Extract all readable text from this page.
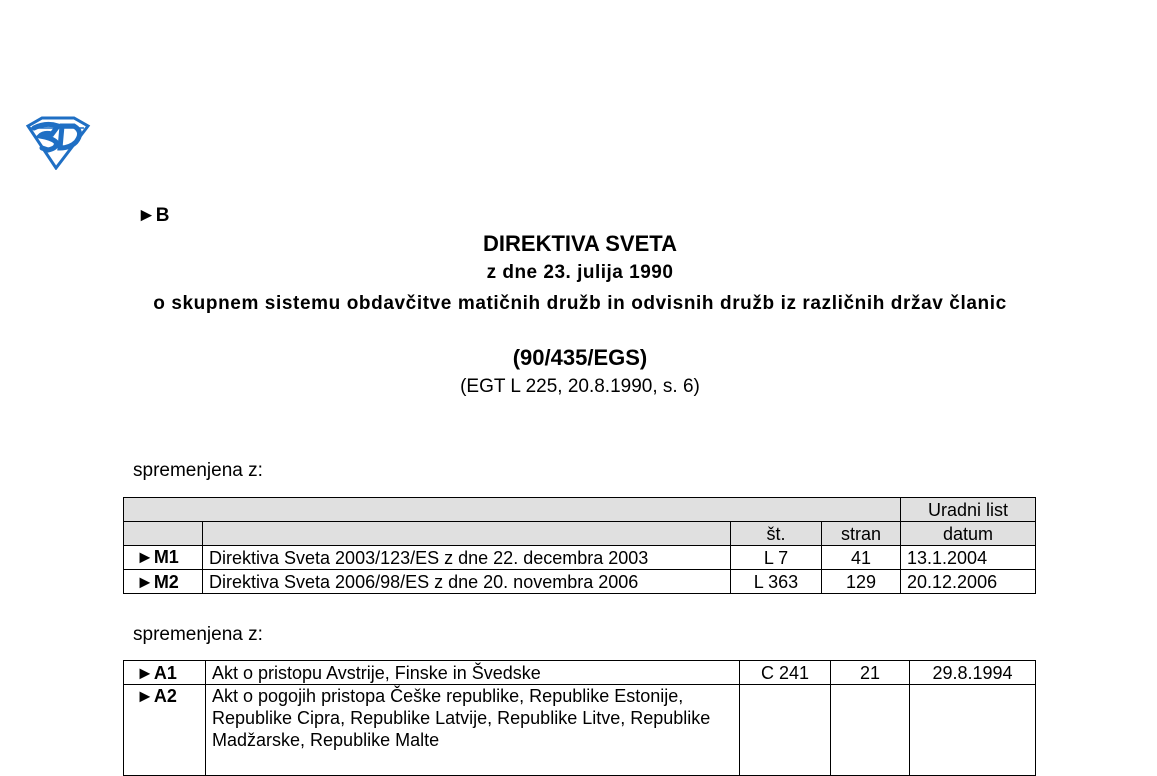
►B
DIREKTIVA SVETA
z dne 23. julija 1990
o skupnem sistemu obdavčitve matičnih družb in odvisnih družb iz različnih držav članic
(90/435/EGS)
(EGT L 225, 20.8.1990, s. 6)
spremenjena z:
				Uradni list
		št.	stran	datum
►M1	Direktiva Sveta 2003/123/ES z dne 22. decembra 2003	L 7	41	13.1.2004
►M2	Direktiva Sveta 2006/98/ES z dne 20. novembra 2006	L 363	129	20.12.2006
spremenjena z:
►A1	Akt o pristopu Avstrije, Finske in Švedske	C 241	21	29.8.1994
►A2	Akt o pogojih pristopa Češke republike, Republike Estonije, Republike Cipra, Republike Latvije, Republike Litve, Republike Madžarske, Republike Malte			
